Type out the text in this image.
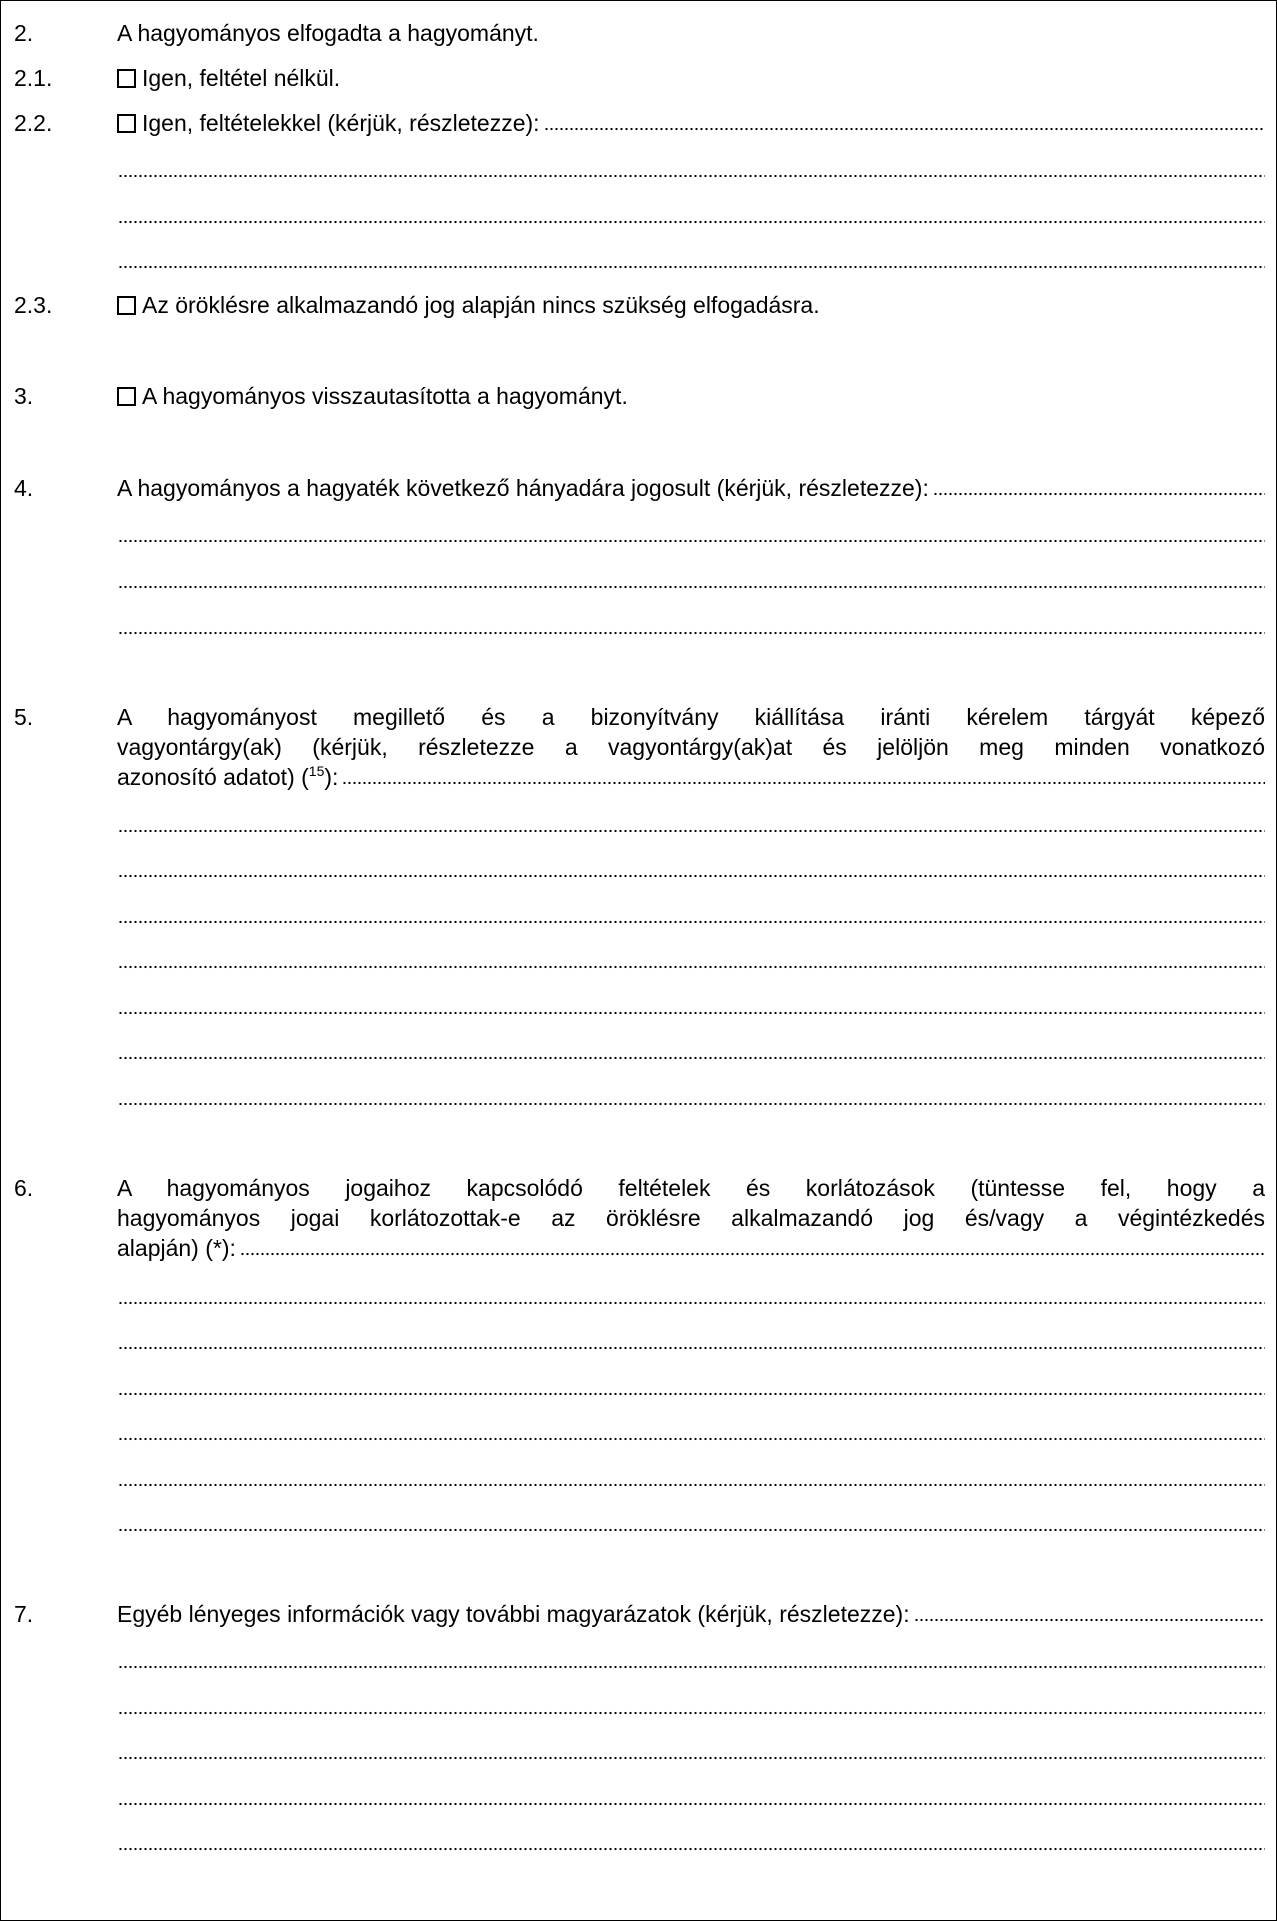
2.	A hagyományos elfogadta a hagyományt.
2.1.	Igen, feltétel nélkül.
2.2.	Igen, feltételekkel (kérjük, részletezze):
2.3.	Az öröklésre alkalmazandó jog alapján nincs szükség elfogadásra.
3.	A hagyományos visszautasította a hagyományt.
4.	A hagyományos a hagyaték következő hányadára jogosult (kérjük, részletezze):
5.	A hagyományost megillető és a bizonyítvány kiállítása iránti kérelem tárgyát képező
vagyontárgy(ak) (kérjük, részletezze a vagyontárgy(ak)at és jelöljön meg minden vonatkozó
azonosító adatot) ($^{15}$):
6.	A hagyományos jogaihoz kapcsolódó feltételek és korlátozások (tüntesse fel, hogy a
hagyományos jogai korlátozottak-e az öröklésre alkalmazandó jog és/vagy a végintézkedés
alapján) (*):
7.	Egyéb lényeges információk vagy további magyarázatok (kérjük, részletezze):
